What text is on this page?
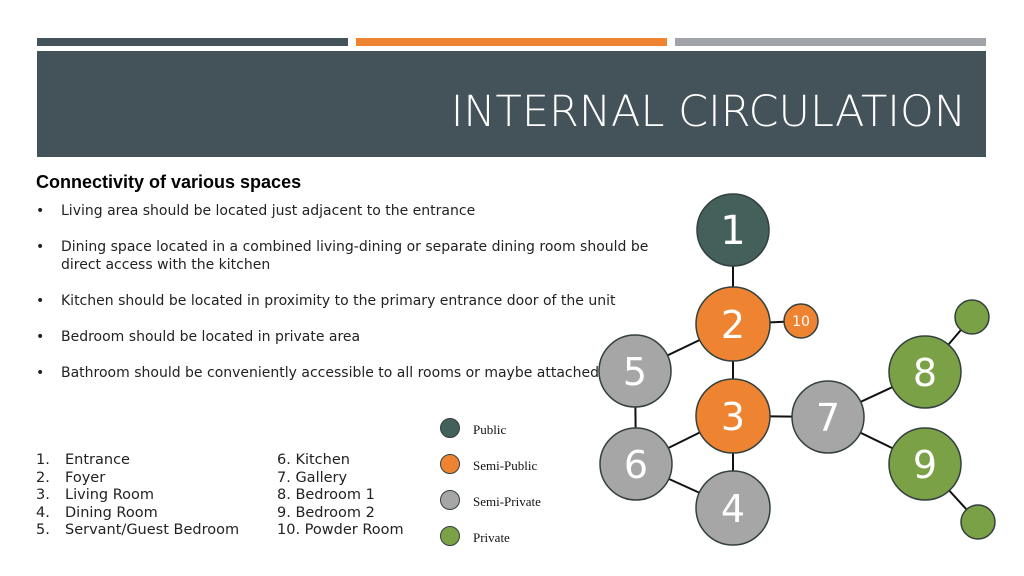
INTERNAL CIRCULATION
Connectivity of various spaces
• Living area should be located just adjacent to the entrance
• Dining space located in a combined living-dining or separate dining room should be direct access with the kitchen
• Kitchen should be located in proximity to the primary entrance door of the unit
• Bedroom should be located in private area
• Bathroom should be conveniently accessible to all rooms or maybe attached
1. Entrance
2. Foyer
3. Living Room
4. Dining Room
5. Servant/Guest Bedroom
6. Kitchen
7. Gallery
8. Bedroom 1
9. Bedroom 2
10. Powder Room
Public
Semi-Public
Semi-Private
Private
1
2	10
3
5
6
4
7
8
9
